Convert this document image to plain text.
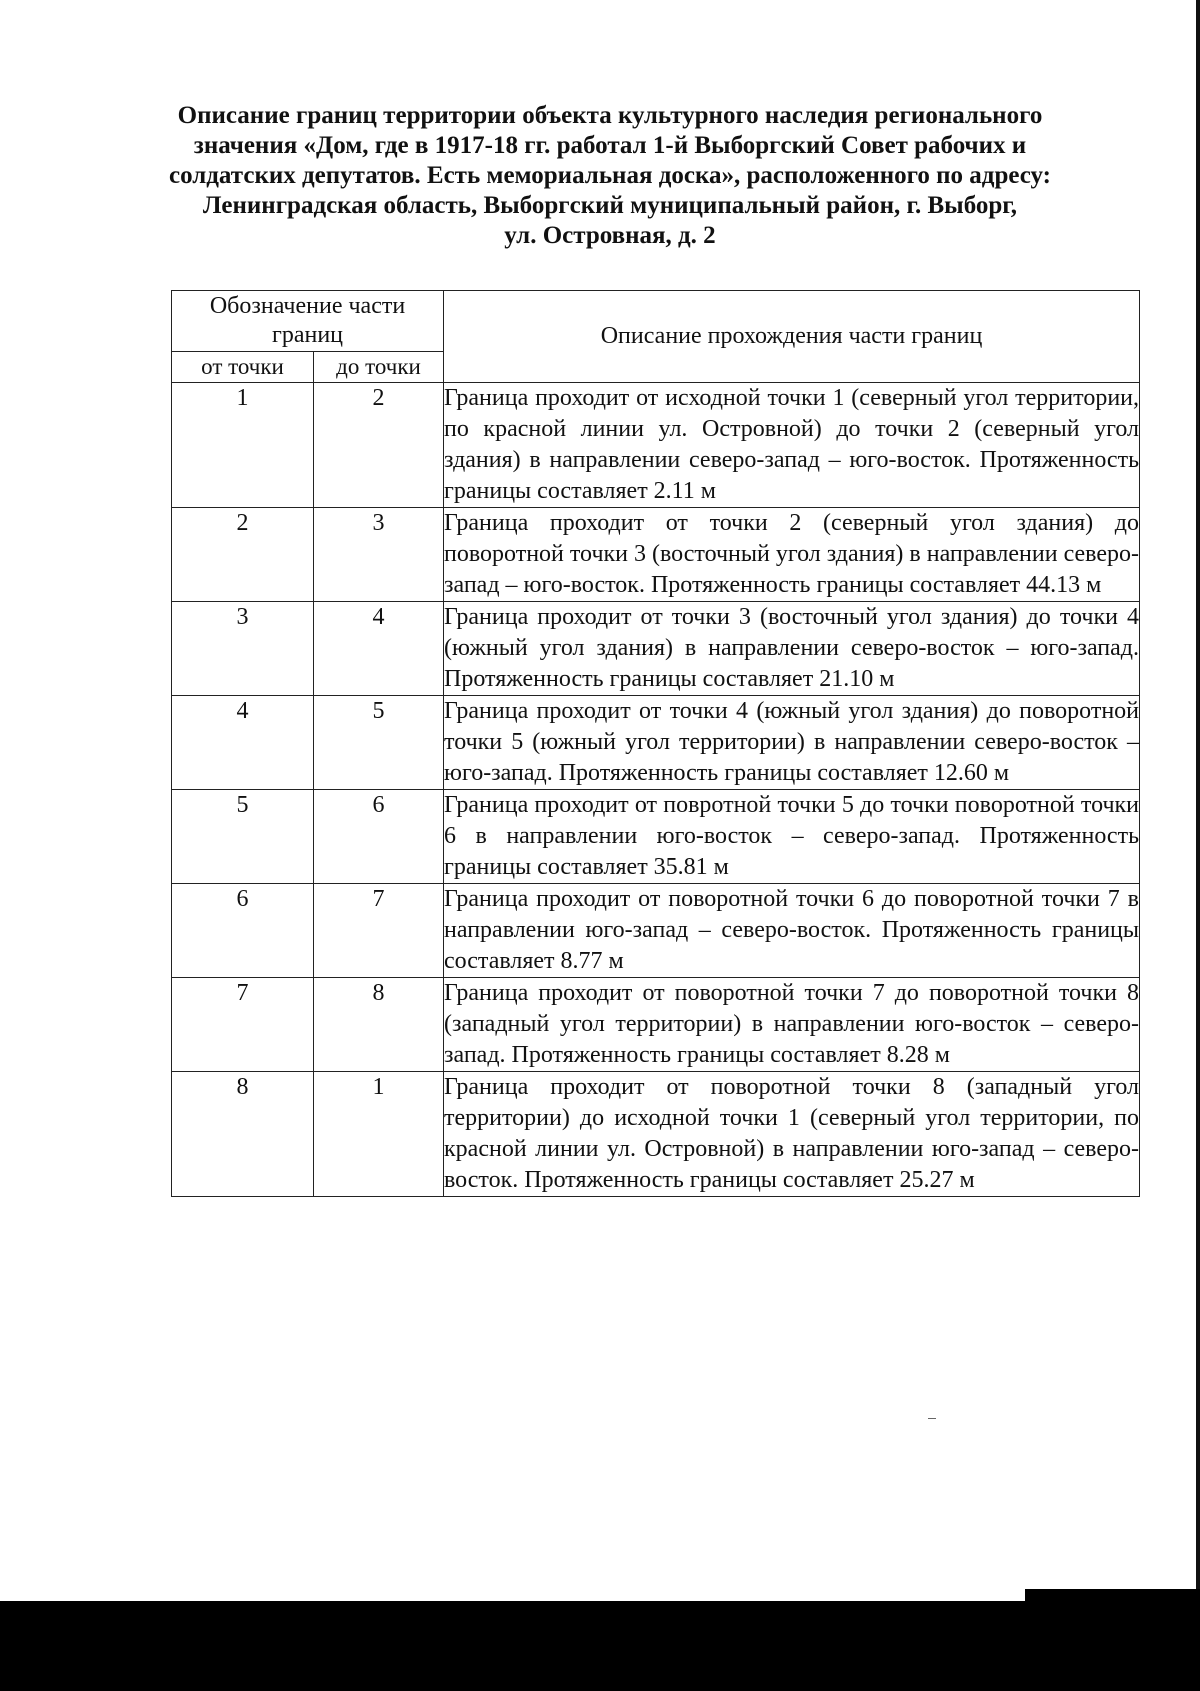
Описание границ территории объекта культурного наследия регионального
значения «Дом, где в 1917-18 гг. работал 1-й Выборгский Совет рабочих и
солдатских депутатов. Есть мемориальная доска», расположенного по адресу:
Ленинградская область, Выборгский муниципальный район, г. Выборг,
ул. Островная, д. 2
Обозначение части границ		Описание прохождения части границ
от точки	до точки	
1	2	Граница проходит от исходной точки 1 (северный угол территории, по красной линии ул. Островной) до точки 2 (северный угол здания) в направлении северо-запад – юго-восток. Протяженность границы составляет 2.11 м
2	3	Граница проходит от точки 2 (северный угол здания) до поворотной точки 3 (восточный угол здания) в направлении северо-запад – юго-восток. Протяженность границы составляет 44.13 м
3	4	Граница проходит от точки 3 (восточный угол здания) до точки 4 (южный угол здания) в направлении северо-восток – юго-запад. Протяженность границы составляет 21.10 м
4	5	Граница проходит от точки 4 (южный угол здания) до поворотной точки 5 (южный угол территории) в направлении северо-восток – юго-запад. Протяженность границы составляет 12.60 м
5	6	Граница проходит от повротной точки 5 до точки поворотной точки 6 в направлении юго-восток – северо-запад. Протяженность границы составляет 35.81 м
6	7	Граница проходит от поворотной точки 6 до поворотной точки 7 в направлении юго-запад – северо-восток. Протяженность границы составляет 8.77 м
7	8	Граница проходит от поворотной точки 7 до поворотной точки 8 (западный угол территории) в направлении юго-восток – северо-запад. Протяженность границы составляет 8.28 м
8	1	Граница проходит от поворотной точки 8 (западный угол территории) до исходной точки 1 (северный угол территории, по красной линии ул. Островной) в направлении юго-запад – северо-восток. Протяженность границы составляет 25.27 м
